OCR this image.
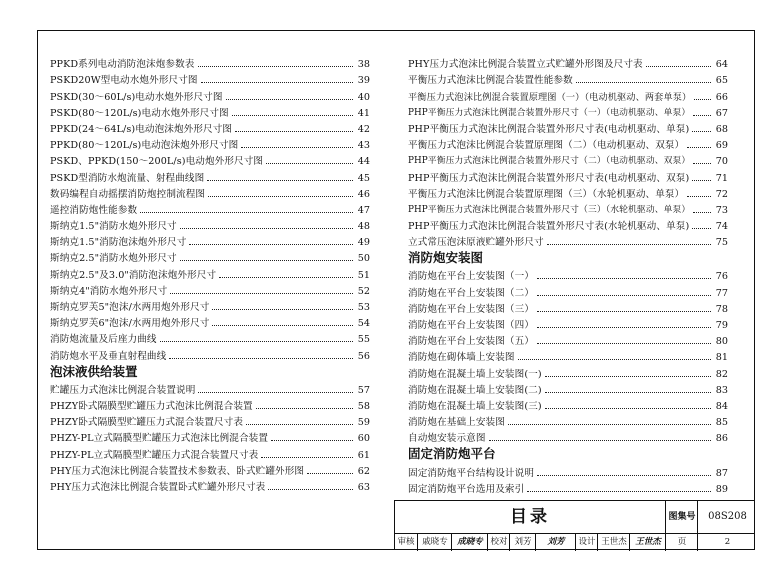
PPKD系列电动消防泡沫炮参数表	38
PSKD20W型电动水炮外形尺寸图	39
PSKD(30～60L/s)电动水炮外形尺寸图	40
PSKD(80～120L/s)电动水炮外形尺寸图	41
PPKD(24～64L/s)电动泡沫炮外形尺寸图	42
PPKD(80～120L/s)电动泡沫炮外形尺寸图	43
PSKD、PPKD(150～200L/s)电动炮外形尺寸图	44
PSKD型消防水炮流量、射程曲线图	45
数码编程自动摇摆消防炮控制流程图	46
遥控消防炮性能参数	47
斯纳克1.5"消防水炮外形尺寸	48
斯纳克1.5"消防泡沫炮外形尺寸	49
斯纳克2.5"消防水炮外形尺寸	50
斯纳克2.5"及3.0"消防泡沫炮外形尺寸	51
斯纳克4"消防水炮外形尺寸	52
斯纳克罗芙5"泡沫/水两用炮外形尺寸	53
斯纳克罗芙6"泡沫/水两用炮外形尺寸	54
消防炮流量及后座力曲线	55
消防炮水平及垂直射程曲线	56
泡沫液供给装置
贮罐压力式泡沫比例混合装置说明	57
PHZY卧式隔膜型贮罐压力式泡沫比例混合装置	58
PHZY卧式隔膜型贮罐压力式混合装置尺寸表	59
PHZY-PL立式隔膜型贮罐压力式泡沫比例混合装置	60
PHZY-PL立式隔膜型贮罐压力式混合装置尺寸表	61
PHY压力式泡沫比例混合装置技术参数表、卧式贮罐外形图	62
PHY压力式泡沫比例混合装置卧式贮罐外形尺寸表	63
PHY压力式泡沫比例混合装置立式贮罐外形图及尺寸表	64
平衡压力式泡沫比例混合装置性能参数	65
平衡压力式泡沫比例混合装置原理图（一）（电动机驱动、两套单泵）	66
PHP平衡压力式泡沫比例混合装置外形尺寸（一）（电动机驱动、单泵）	67
PHP平衡压力式泡沫比例混合装置外形尺寸表(电动机驱动、单泵)	68
平衡压力式泡沫比例混合装置原理图（二）（电动机驱动、双泵）	69
PHP平衡压力式泡沫比例混合装置外形尺寸（二）（电动机驱动、双泵）	70
PHP平衡压力式泡沫比例混合装置外形尺寸表(电动机驱动、双泵)	71
平衡压力式泡沫比例混合装置原理图（三）（水轮机驱动、单泵）	72
PHP平衡压力式泡沫比例混合装置外形尺寸（三）（水轮机驱动、单泵）	73
PHP平衡压力式泡沫比例混合装置外形尺寸表(水轮机驱动、单泵)	74
立式常压泡沫原液贮罐外形尺寸	75
消防炮安装图
消防炮在平台上安装图（一）	76
消防炮在平台上安装图（二）	77
消防炮在平台上安装图（三）	78
消防炮在平台上安装图（四）	79
消防炮在平台上安装图（五）	80
消防炮在砌体墙上安装图	81
消防炮在混凝土墙上安装图(一)	82
消防炮在混凝土墙上安装图(二)	83
消防炮在混凝土墙上安装图(三)	84
消防炮在基础上安装图	85
自动炮安装示意图	86
固定消防炮平台
固定消防炮平台结构设计说明	87
固定消防炮平台选用及索引	89
目录	图集号	08S208
审核 戚晓专	成晓专 校对 刘芳	刘芳	设计 王世杰 王世杰	页	2
